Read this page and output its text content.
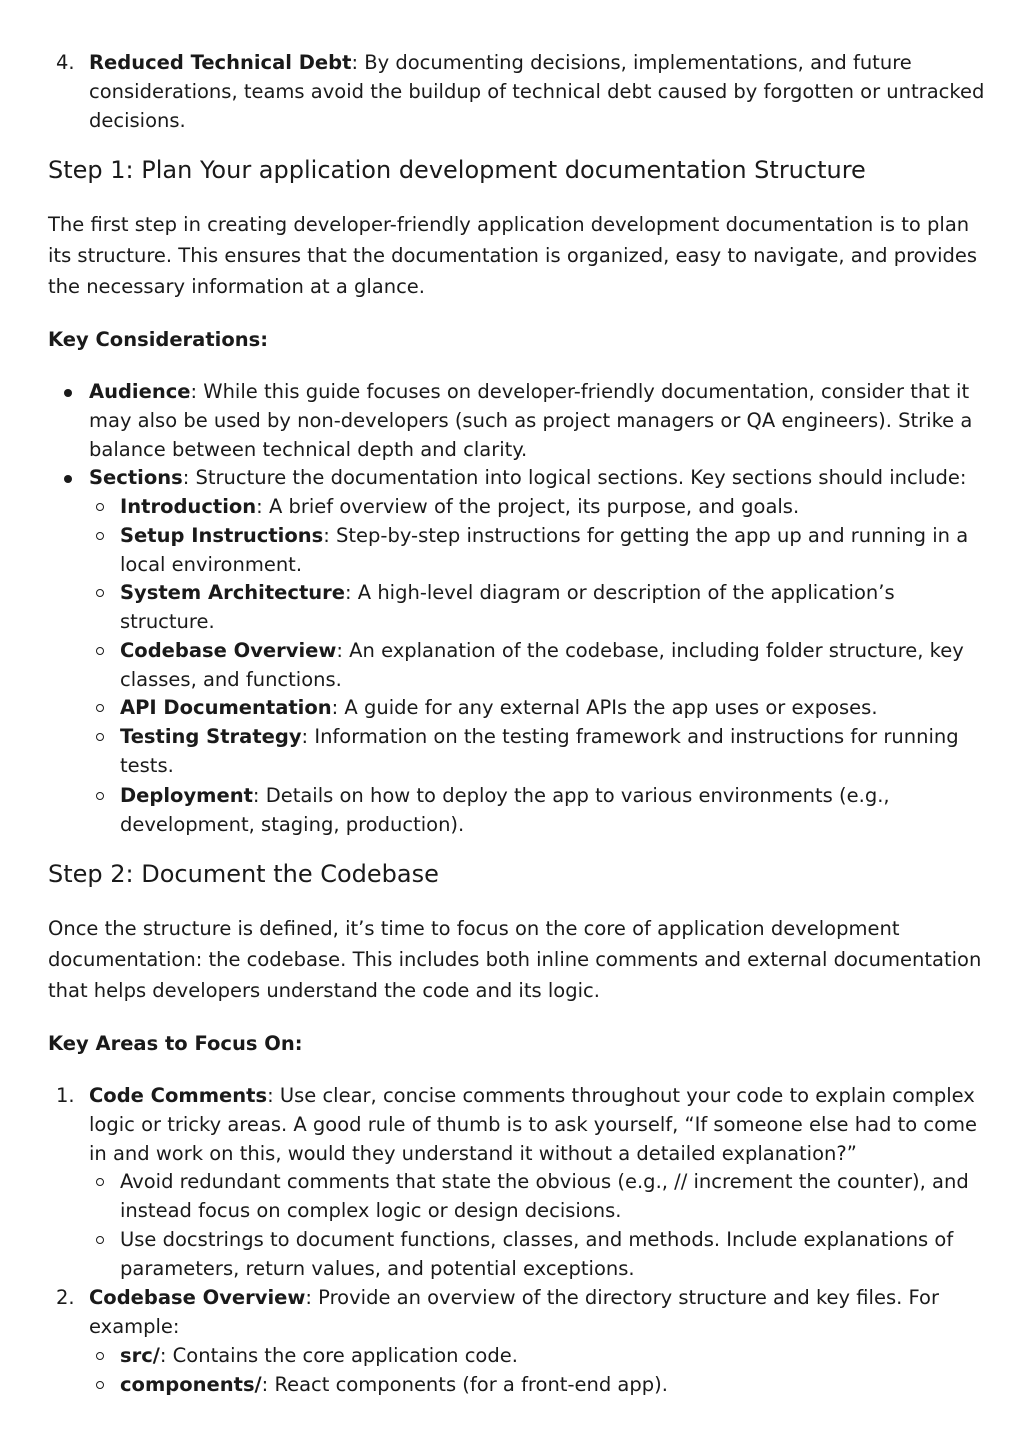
4. Reduced Technical Debt: By documenting decisions, implementations, and future considerations, teams avoid the buildup of technical debt caused by forgotten or untracked decisions.
Step 1: Plan Your application development documentation Structure

The first step in creating developer-friendly application development documentation is to plan its structure. This ensures that the documentation is organized, easy to navigate, and provides the necessary information at a glance.

Key Considerations:
Audience: While this guide focuses on developer-friendly documentation, consider that it may also be used by non-developers (such as project managers or QA engineers). Strike a balance between technical depth and clarity.
Sections: Structure the documentation into logical sections. Key sections should include:
Introduction: A brief overview of the project, its purpose, and goals.
Setup Instructions: Step-by-step instructions for getting the app up and running in a local environment.
System Architecture: A high-level diagram or description of the application’s structure.
Codebase Overview: An explanation of the codebase, including folder structure, key classes, and functions.
API Documentation: A guide for any external APIs the app uses or exposes.
Testing Strategy: Information on the testing framework and instructions for running tests.
Deployment: Details on how to deploy the app to various environments (e.g., development, staging, production).
Step 2: Document the Codebase

Once the structure is defined, it’s time to focus on the core of application development documentation: the codebase. This includes both inline comments and external documentation that helps developers understand the code and its logic.

Key Areas to Focus On:
1. Code Comments: Use clear, concise comments throughout your code to explain complex logic or tricky areas. A good rule of thumb is to ask yourself, “If someone else had to come in and work on this, would they understand it without a detailed explanation?”
Avoid redundant comments that state the obvious (e.g., // increment the counter), and instead focus on complex logic or design decisions.
Use docstrings to document functions, classes, and methods. Include explanations of parameters, return values, and potential exceptions.
2. Codebase Overview: Provide an overview of the directory structure and key files. For example:
src/: Contains the core application code.
components/: React components (for a front-end app).
